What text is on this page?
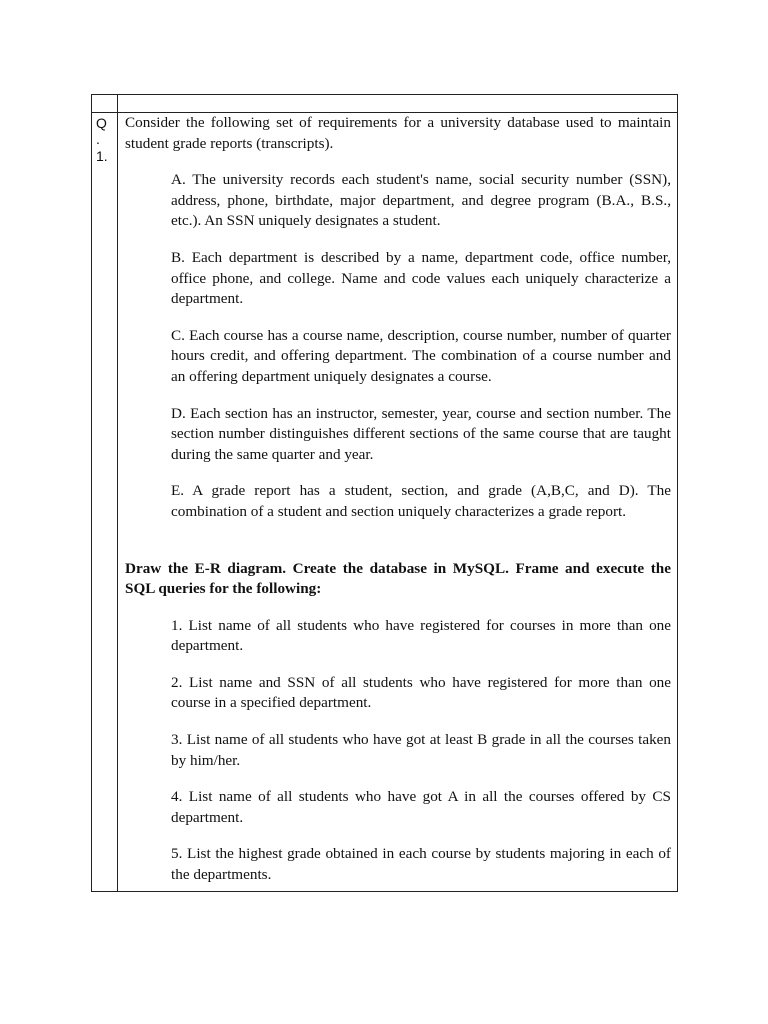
Q
.
1.

Consider the following set of requirements for a university database used to maintain student grade reports (transcripts).

A. The university records each student's name, social security number (SSN), address, phone, birthdate, major department, and degree program (B.A., B.S., etc.). An SSN uniquely designates a student.

B. Each department is described by a name, department code, office number, office phone, and college. Name and code values each uniquely characterize a department.

C. Each course has a course name, description, course number, number of quarter hours credit, and offering department. The combination of a course number and an offering department uniquely designates a course.

D. Each section has an instructor, semester, year, course and section number. The section number distinguishes different sections of the same course that are taught during the same quarter and year.

E. A grade report has a student, section, and grade (A,B,C, and D). The combination of a student and section uniquely characterizes a grade report.

Draw the E-R diagram. Create the database in MySQL. Frame and execute the SQL queries for the following:

1. List name of all students who have registered for courses in more than one department.

2. List name and SSN of all students who have registered for more than one course in a specified department.

3. List name of all students who have got at least B grade in all the courses taken by him/her.

4. List name of all students who have got A in all the courses offered by CS department.

5. List the highest grade obtained in each course by students majoring in each of the departments.
